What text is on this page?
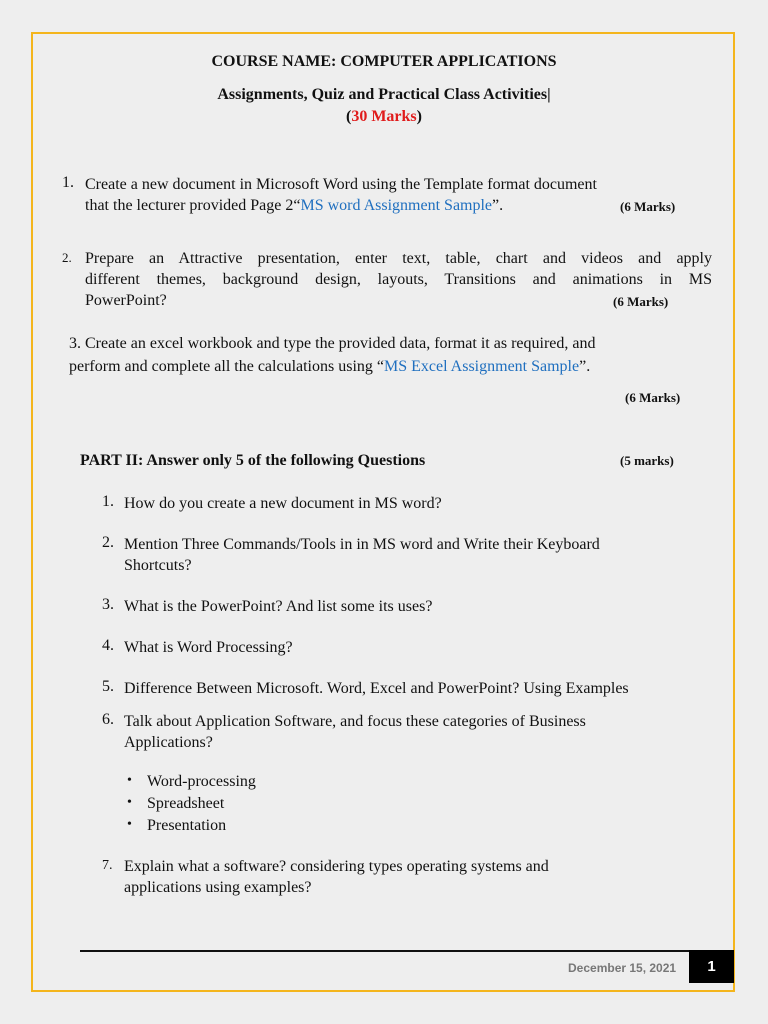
COURSE NAME: COMPUTER APPLICATIONS
Assignments, Quiz and Practical Class Activities|
(30 Marks)
1. Create a new document in Microsoft Word using the Template format document
that the lecturer provided Page 2“MS word Assignment Sample”.	(6 Marks)
2. Prepare an Attractive presentation, enter text, table, chart and videos and apply
different themes, background design, layouts, Transitions and animations in MS
PowerPoint?	(6 Marks)
3. Create an excel workbook and type the provided data, format it as required, and
perform and complete all the calculations using “MS Excel Assignment Sample”.
(6 Marks)
PART II: Answer only 5 of the following Questions	(5 marks)
1. How do you create a new document in MS word?
2. Mention Three Commands/Tools in in MS word and Write their Keyboard
Shortcuts?
3. What is the PowerPoint? And list some its uses?
4. What is Word Processing?
5. Difference Between Microsoft. Word, Excel and PowerPoint? Using Examples
6. Talk about Application Software, and focus these categories of Business
Applications?
• Word-processing
• Spreadsheet
• Presentation
7. Explain what a software? considering types operating systems and
applications using examples?
December 15, 2021	1
